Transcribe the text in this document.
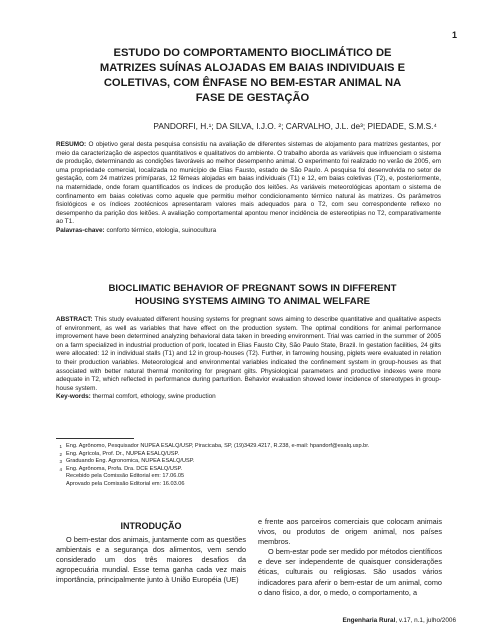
1
ESTUDO DO COMPORTAMENTO BIOCLIMÁTICO DE MATRIZES SUÍNAS ALOJADAS EM BAIAS INDIVIDUAIS E COLETIVAS, COM ÊNFASE NO BEM-ESTAR ANIMAL NA FASE DE GESTAÇÃO
PANDORFI, H.¹; DA SILVA, I.J.O. ²; CARVALHO, J.L. de³; PIEDADE, S.M.S.⁴

RESUMO: O objetivo geral desta pesquisa consistiu na avaliação de diferentes sistemas de alojamento para matrizes gestantes, por meio da caracterização de aspectos quantitativos e qualitativos do ambiente. O trabalho abordа as variáveis que influenciam o sistema de produção, determinando as condições favoráveis ao melhor desempenho animal. O experimento foi realizado no verão de 2005, em uma propriedade comercial, localizada no município de Elias Fausto, estado de São Paulo. A pesquisa foi desenvolvida no setor de gestação, com 24 matrizes primíparas, 12 fêmeas alojadas em baias individuais (T1) e 12, em baias coletivas (T2), e, posteriormente, na maternidade, onde foram quantificados os índices de produção dos leitões. As variáveis meteorológicas apontam o sistema de confinamento em baias coletivas como aquele que permitiu melhor condicionamento térmico natural às matrizes. Os parâmetros fisiológicos e os índices zootécnicos apresentaram valores mais adequados para o T2, com seu correspondente reflexo no desempenho da parição dos leitões. A avaliação comportamental apontou menor incidência de estereotipias no T2, comparativamente ao T1.
Palavras-chave: conforto térmico, etologia, suinocultura

BIOCLIMATIC BEHAVIOR OF PREGNANT SOWS IN DIFFERENT HOUSING SYSTEMS AIMING TO ANIMAL WELFARE

ABSTRACT: This study evaluated different housing systems for pregnant sows aiming to describe quantitative and qualitative aspects of environment, as well as variables that have effect on the production system. The optimal conditions for animal performance improvement have been determined analyzing behavioral data taken in breeding environment. Trial was carried in the summer of 2005 on a farm specialized in industrial production of pork, located in Elias Fausto City, São Paulo State, Brazil. In gestation facilities, 24 gilts were allocated: 12 in individual stalls (T1) and 12 in group-houses (T2). Further, in farrowing housing, piglets were evaluated in relation to their production variables. Meteorological and environmental variables indicated the confinement system in group-houses as that associated with better natural thermal monitoring for pregnant gilts. Physiological parameters and productive indexes were more adequate in T2, which reflected in performance during parturition. Behavior evaluation showed lower incidence of stereotypes in group-house system.
Key-words: thermal comfort, ethology, swine production

1 Eng. Agrônomo, Pesquisador NUPEA ESALQ/USP, Piracicaba, SP, (19)3429.4217, R.238, e-mail: hpandorf@esalq.usp.br.
2 Eng. Agrícola, Prof. Dr., NUPEA ESALQ/USP.
3 Graduando Eng. Agronomica, NUPEA ESALQ/USP.
4 Eng. Agrônoma, Profa. Dra. DCE ESALQ/USP.
Recebido pela Comissão Editorial em: 17.06.05
Aprovado pela Comissão Editorial em: 16.03.06
INTRODUÇÃO

O bem-estar dos animais, juntamente com as questões ambientais e a segurança dos alimentos, vem sendo considerado um dos três maiores desafios da agropecuária mundial. Esse tema ganha cada vez mais importância, principalmente junto à União Européia (UE)

e frente aos parceiros comerciais que colocam animais vivos, ou produtos de origem animal, nos países membros.

O bem-estar pode ser medido por métodos científicos e deve ser independente de quaisquer considerações éticas, culturais ou religiosas. São usados vários indicadores para aferir o bem-estar de um animal, como o dano físico, a dor, o medo, o comportamento, a

Engenharia Rural, v.17, n.1, julho/2006
